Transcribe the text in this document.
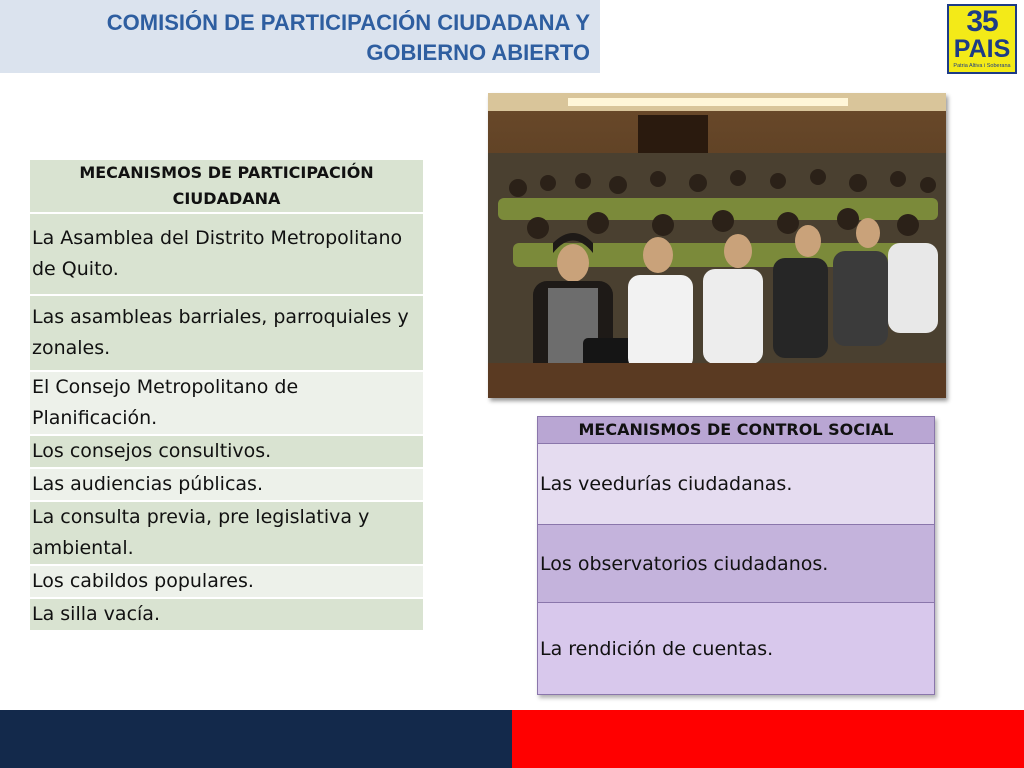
COMISIÓN DE PARTICIPACIÓN CIUDADANA Y
GOBIERNO ABIERTO
35
PAIS
Patria Altiva i Soberana
MECANISMOS DE PARTICIPACIÓN CIUDADANA
La Asamblea del Distrito Metropolitano de Quito.
Las asambleas barriales, parroquiales y zonales.
El Consejo Metropolitano de Planificación.
Los consejos consultivos.
Las audiencias públicas.
La consulta previa, pre legislativa y ambiental.
Los cabildos populares.
La silla vacía.
MECANISMOS DE CONTROL SOCIAL
Las veedurías ciudadanas.
Los observatorios ciudadanos.
La rendición de cuentas.
